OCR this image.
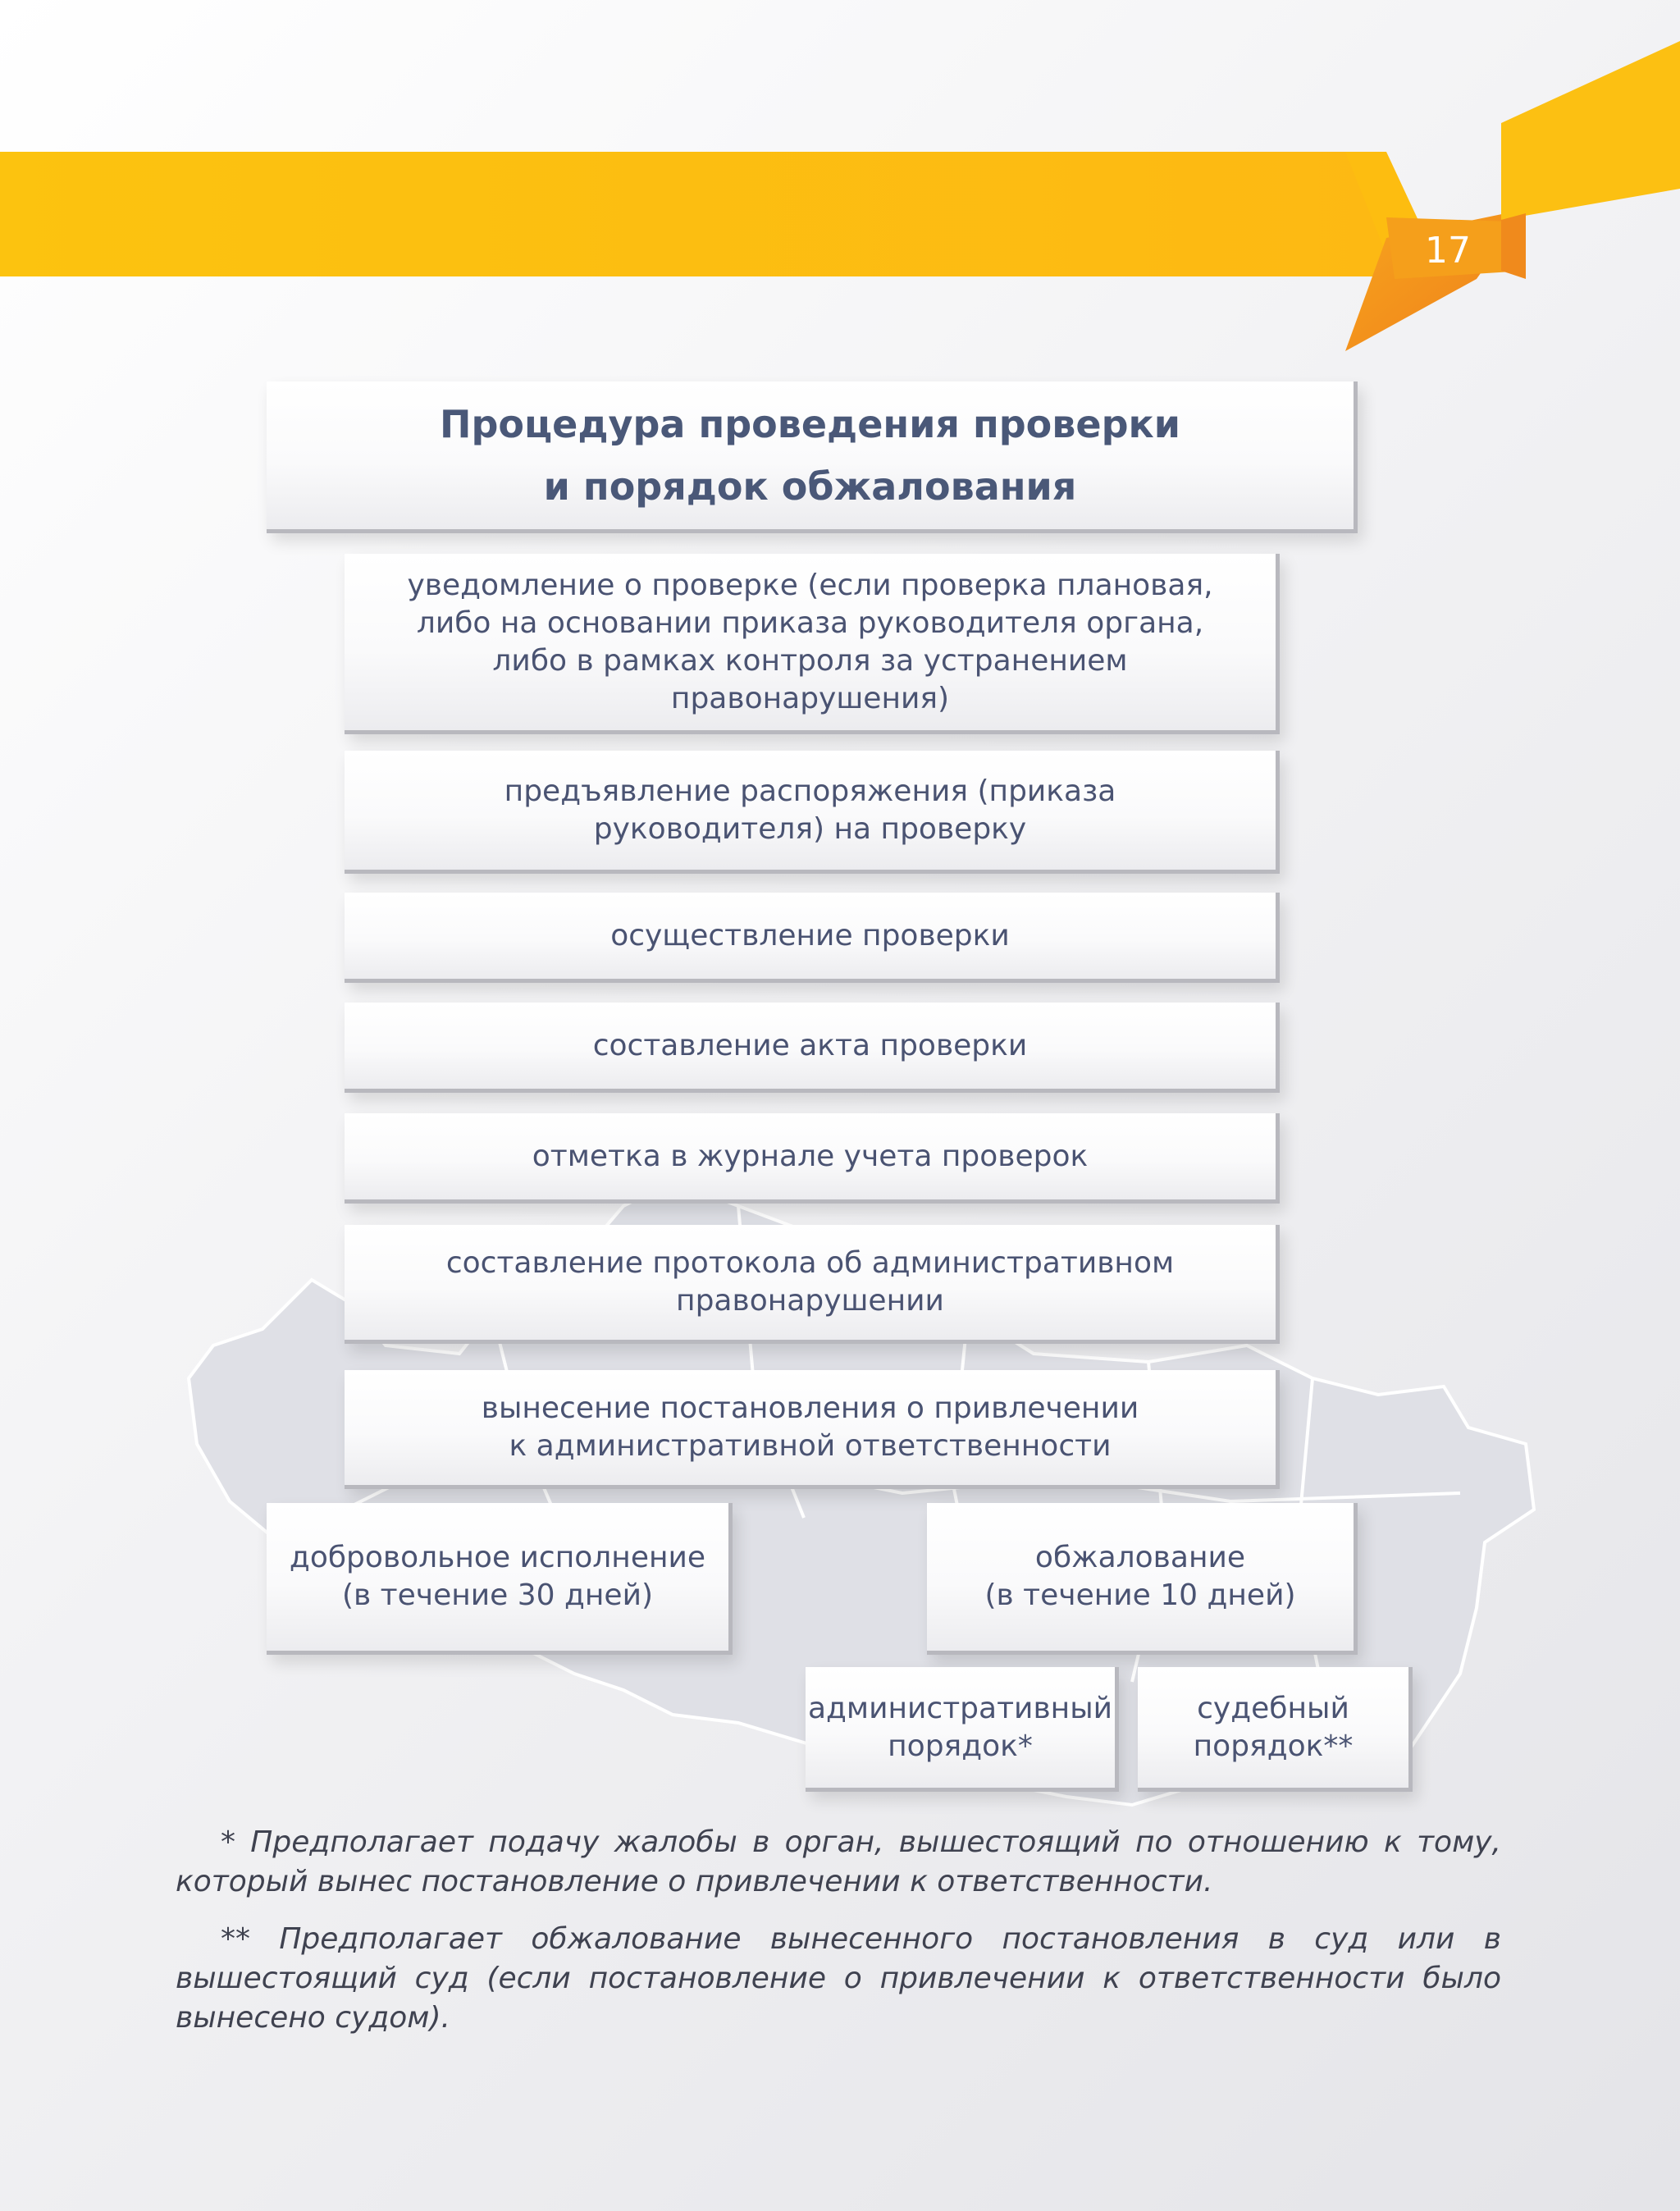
17
Процедура проведения проверки
и порядок обжалования
уведомление о проверке (если проверка плановая,
либо на основании приказа руководителя органа,
либо в рамках контроля за устранением
правонарушения)
предъявление распоряжения (приказа
руководителя) на проверку
осуществление проверки
составление акта проверки
отметка в журнале учета проверок
составление протокола об административном
правонарушении
вынесение постановления о привлечении
к административной ответственности
добровольное исполнение
(в течение 30 дней)
обжалование
(в течение 10 дней)
административный
порядок*
судебный
порядок**

* Предполагает подачу жалобы в орган, вышестоящий по отношению к тому, который вынес постановление о привлечении к ответственности.

** Предполагает обжалование вынесенного постановления в суд или в вышестоящий суд (если постановление о привлечении к ответственности было вынесено судом).
